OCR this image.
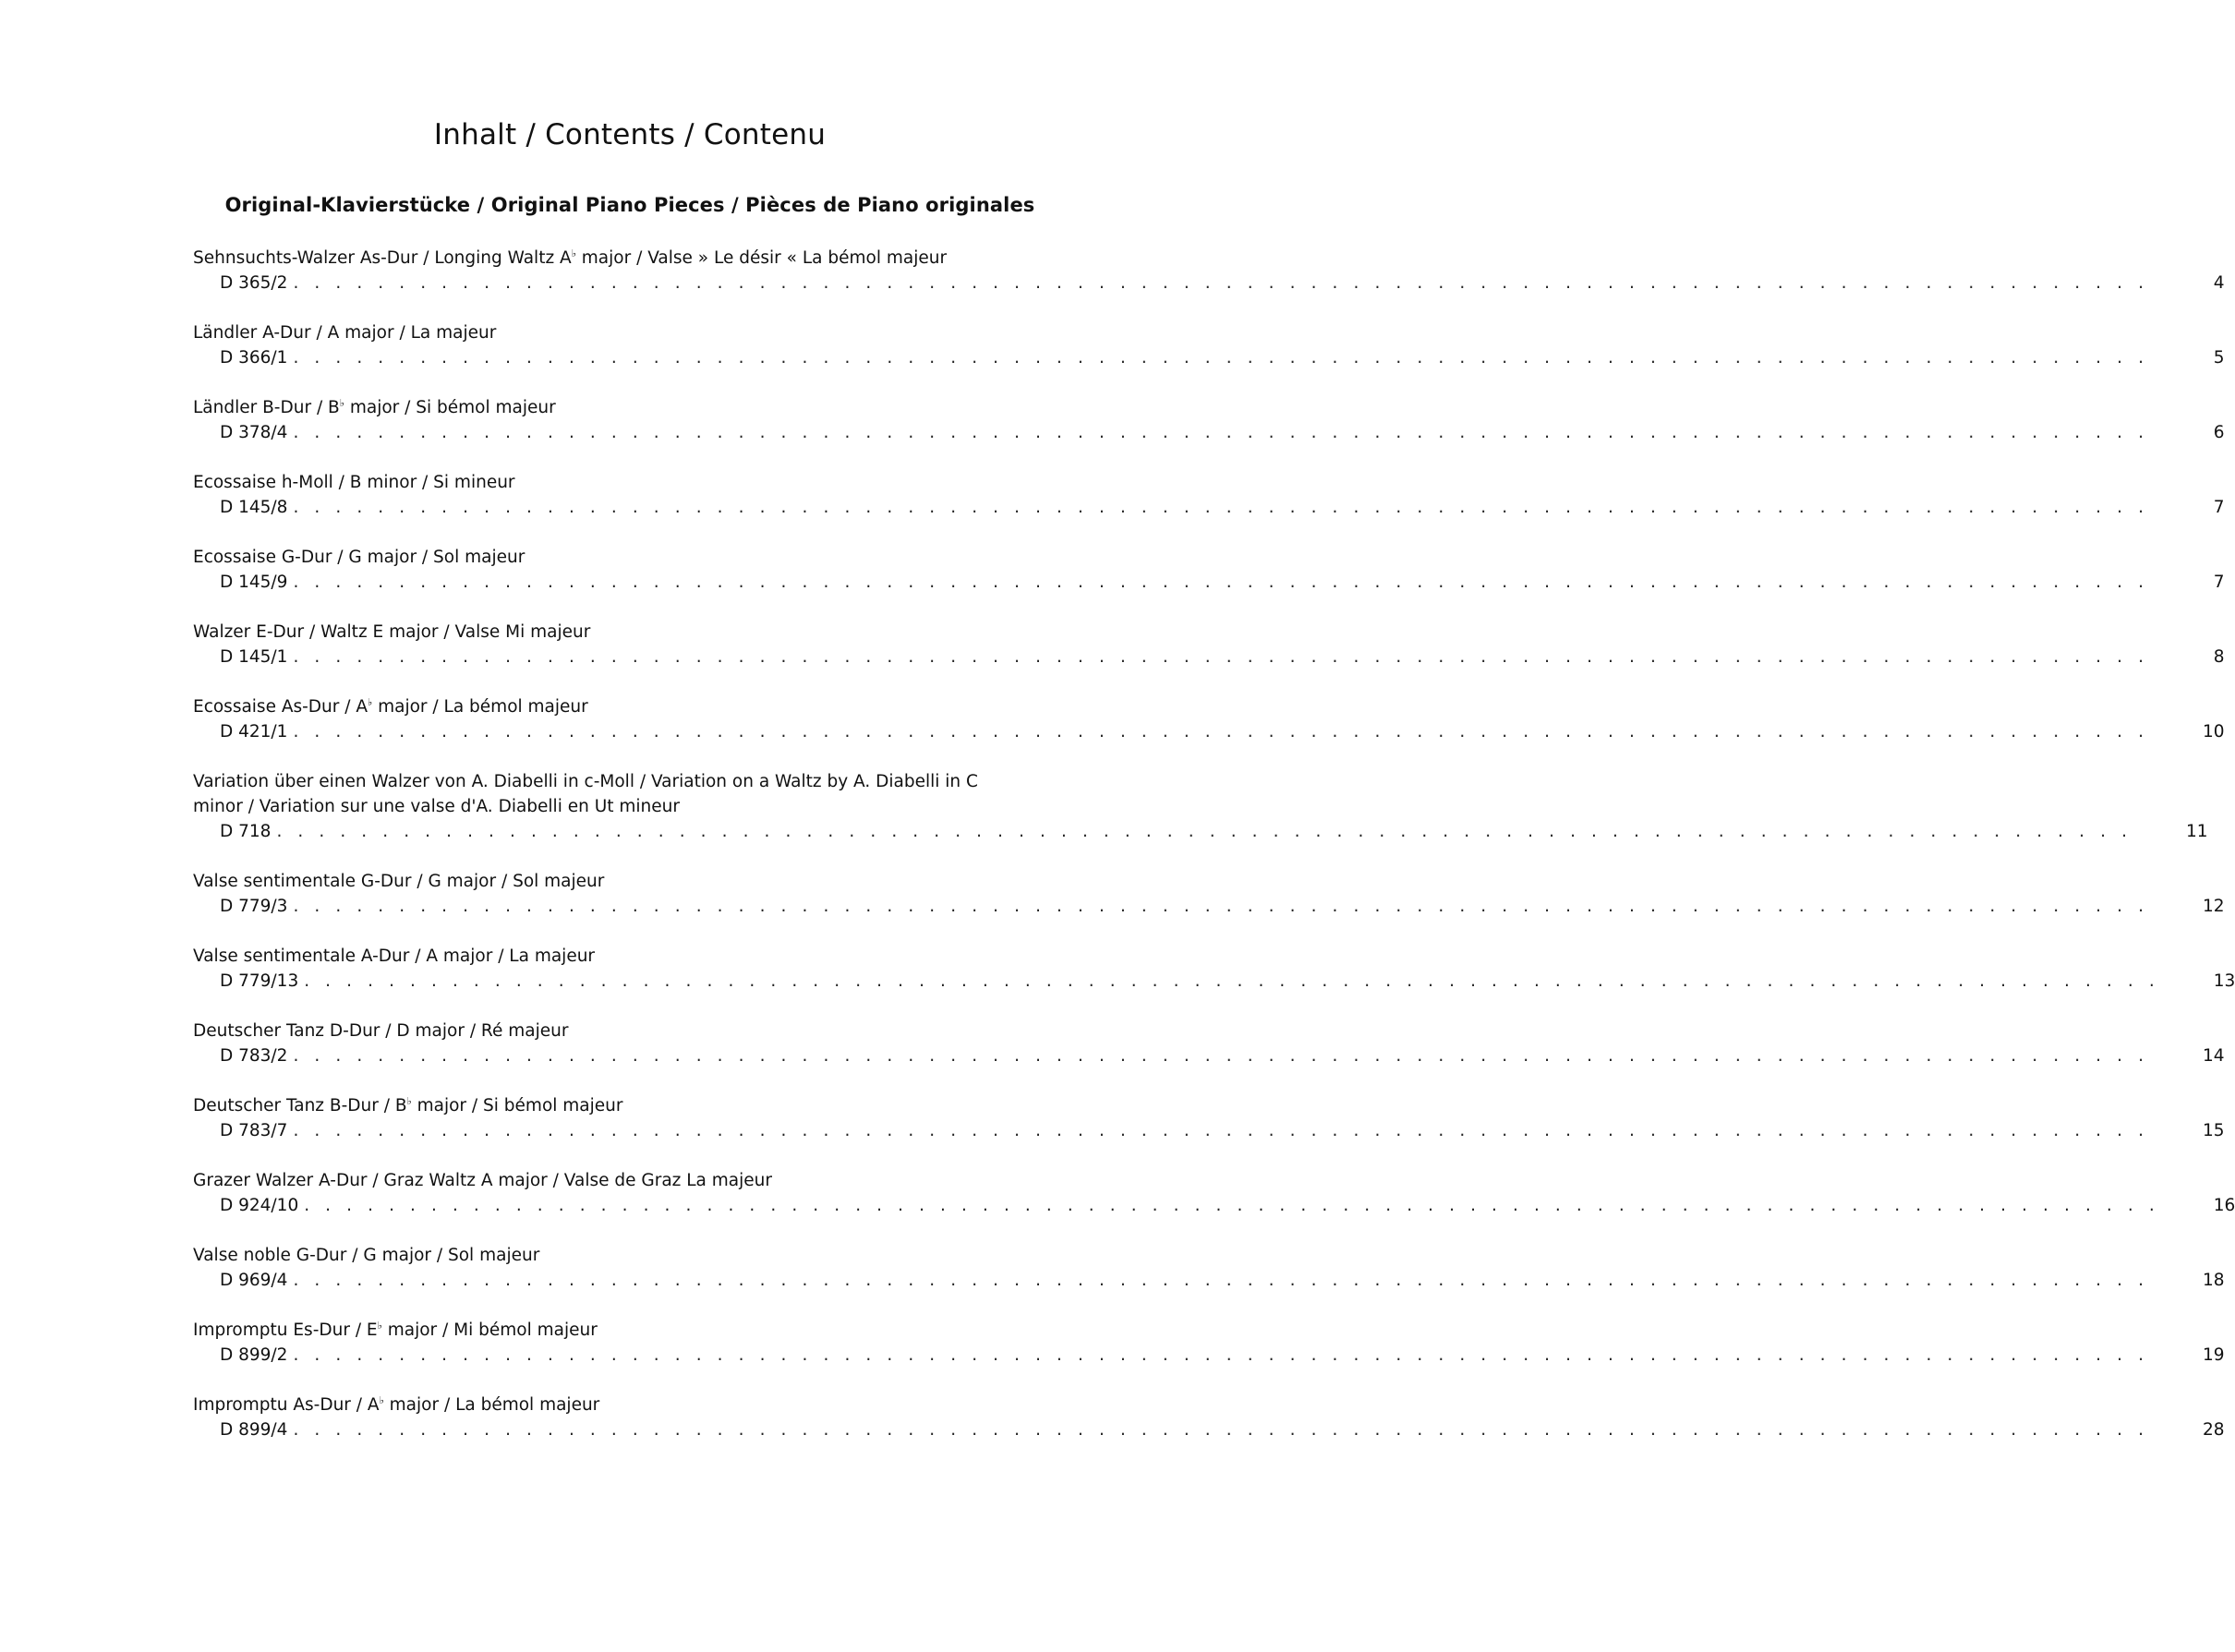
Inhalt / Contents / Contenu
Original-Klavierstücke / Original Piano Pieces / Pièces de Piano originales
Sehnsuchts-Walzer As-Dur / Longing Waltz A♭ major / Valse » Le désir « La bémol majeur
D 365/2 . . . . . . . . . . . . . . . . . . . . . . . . . . . . . . . . . . . . . . . . . . . . . . . . . . . . . . . . . . . . . . . . . . . . . . . . . . . . . . . . . . . . . . . .	4
Ländler A-Dur / A major / La majeur
D 366/1 . . . . . . . . . . . . . . . . . . . . . . . . . . . . . . . . . . . . . . . . . . . . . . . . . . . . . . . . . . . . . . . . . . . . . . . . . . . . . . . . . . . . . . . .	5
Ländler B-Dur / B♭ major / Si bémol majeur
D 378/4 . . . . . . . . . . . . . . . . . . . . . . . . . . . . . . . . . . . . . . . . . . . . . . . . . . . . . . . . . . . . . . . . . . . . . . . . . . . . . . . . . . . . . . . .	6
Ecossaise h-Moll / B minor / Si mineur
D 145/8 . . . . . . . . . . . . . . . . . . . . . . . . . . . . . . . . . . . . . . . . . . . . . . . . . . . . . . . . . . . . . . . . . . . . . . . . . . . . . . . . . . . . . . . .	7
Ecossaise G-Dur / G major / Sol majeur
D 145/9 . . . . . . . . . . . . . . . . . . . . . . . . . . . . . . . . . . . . . . . . . . . . . . . . . . . . . . . . . . . . . . . . . . . . . . . . . . . . . . . . . . . . . . . .	7
Walzer E-Dur / Waltz E major / Valse Mi majeur
D 145/1 . . . . . . . . . . . . . . . . . . . . . . . . . . . . . . . . . . . . . . . . . . . . . . . . . . . . . . . . . . . . . . . . . . . . . . . . . . . . . . . . . . . . . . . .	8
Ecossaise As-Dur / A♭ major / La bémol majeur
D 421/1 . . . . . . . . . . . . . . . . . . . . . . . . . . . . . . . . . . . . . . . . . . . . . . . . . . . . . . . . . . . . . . . . . . . . . . . . . . . . . . . . . . . . . . . .	10
Variation über einen Walzer von A. Diabelli in c-Moll / Variation on a Waltz by A. Diabelli in C minor / Variation sur une valse d'A. Diabelli en Ut mineur
D 718 . . . . . . . . . . . . . . . . . . . . . . . . . . . . . . . . . . . . . . . . . . . . . . . . . . . . . . . . . . . . . . . . . . . . . . . . . . . . . . . . . . . . . . . .	11
Valse sentimentale G-Dur / G major / Sol majeur
D 779/3 . . . . . . . . . . . . . . . . . . . . . . . . . . . . . . . . . . . . . . . . . . . . . . . . . . . . . . . . . . . . . . . . . . . . . . . . . . . . . . . . . . . . . . . .	12
Valse sentimentale A-Dur / A major / La majeur
D 779/13 . . . . . . . . . . . . . . . . . . . . . . . . . . . . . . . . . . . . . . . . . . . . . . . . . . . . . . . . . . . . . . . . . . . . . . . . . . . . . . . . . . . . . . . .	13
Deutscher Tanz D-Dur / D major / Ré majeur
D 783/2 . . . . . . . . . . . . . . . . . . . . . . . . . . . . . . . . . . . . . . . . . . . . . . . . . . . . . . . . . . . . . . . . . . . . . . . . . . . . . . . . . . . . . . . .	14
Deutscher Tanz B-Dur / B♭ major / Si bémol majeur
D 783/7 . . . . . . . . . . . . . . . . . . . . . . . . . . . . . . . . . . . . . . . . . . . . . . . . . . . . . . . . . . . . . . . . . . . . . . . . . . . . . . . . . . . . . . . .	15
Grazer Walzer A-Dur / Graz Waltz A major / Valse de Graz La majeur
D 924/10 . . . . . . . . . . . . . . . . . . . . . . . . . . . . . . . . . . . . . . . . . . . . . . . . . . . . . . . . . . . . . . . . . . . . . . . . . . . . . . . . . . . . . . . .	16
Valse noble G-Dur / G major / Sol majeur
D 969/4 . . . . . . . . . . . . . . . . . . . . . . . . . . . . . . . . . . . . . . . . . . . . . . . . . . . . . . . . . . . . . . . . . . . . . . . . . . . . . . . . . . . . . . . .	18
Impromptu Es-Dur / E♭ major / Mi bémol majeur
D 899/2 . . . . . . . . . . . . . . . . . . . . . . . . . . . . . . . . . . . . . . . . . . . . . . . . . . . . . . . . . . . . . . . . . . . . . . . . . . . . . . . . . . . . . . . .	19
Impromptu As-Dur / A♭ major / La bémol majeur
D 899/4 . . . . . . . . . . . . . . . . . . . . . . . . . . . . . . . . . . . . . . . . . . . . . . . . . . . . . . . . . . . . . . . . . . . . . . . . . . . . . . . . . . . . . . . .	28
